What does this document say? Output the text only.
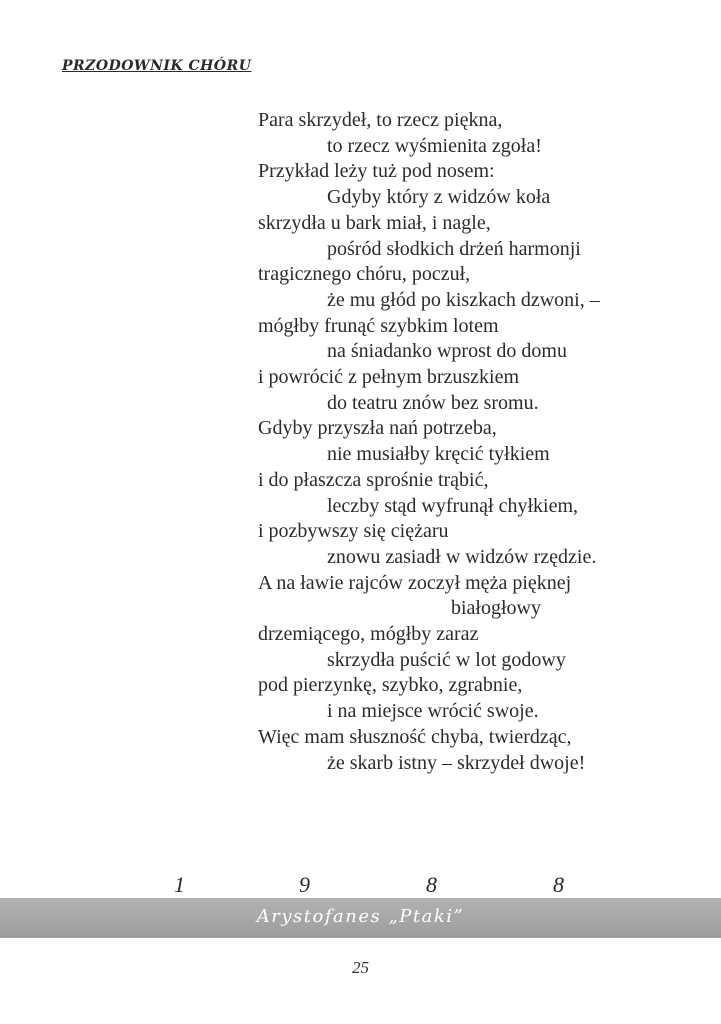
PRZODOWNIK CHÓRU
Para skrzydeł, to rzecz piękna,
to rzecz wyśmienita zgoła!
Przykład leży tuż pod nosem:
Gdyby który z widzów koła
skrzydła u bark miał, i nagle,
pośród słodkich drżeń harmonji
tragicznego chóru, poczuł,
że mu głód po kiszkach dzwoni, –
mógłby frunąć szybkim lotem
na śniadanko wprost do domu
i powrócić z pełnym brzuszkiem
do teatru znów bez sromu.
Gdyby przyszła nań potrzeba,
nie musiałby kręcić tyłkiem
i do płaszcza sprośnie trąbić,
leczby stąd wyfrunął chyłkiem,
i pozbywszy się ciężaru
znowu zasiadł w widzów rzędzie.
A na ławie rajców zoczył męża pięknej
białogłowy
drzemiącego, mógłby zaraz
skrzydła puścić w lot godowy
pod pierzynkę, szybko, zgrabnie,
i na miejsce wrócić swoje.
Więc mam słuszność chyba, twierdząc,
że skarb istny – skrzydeł dwoje!
1	9	8	8
Arystofanes „Ptaki”
25
